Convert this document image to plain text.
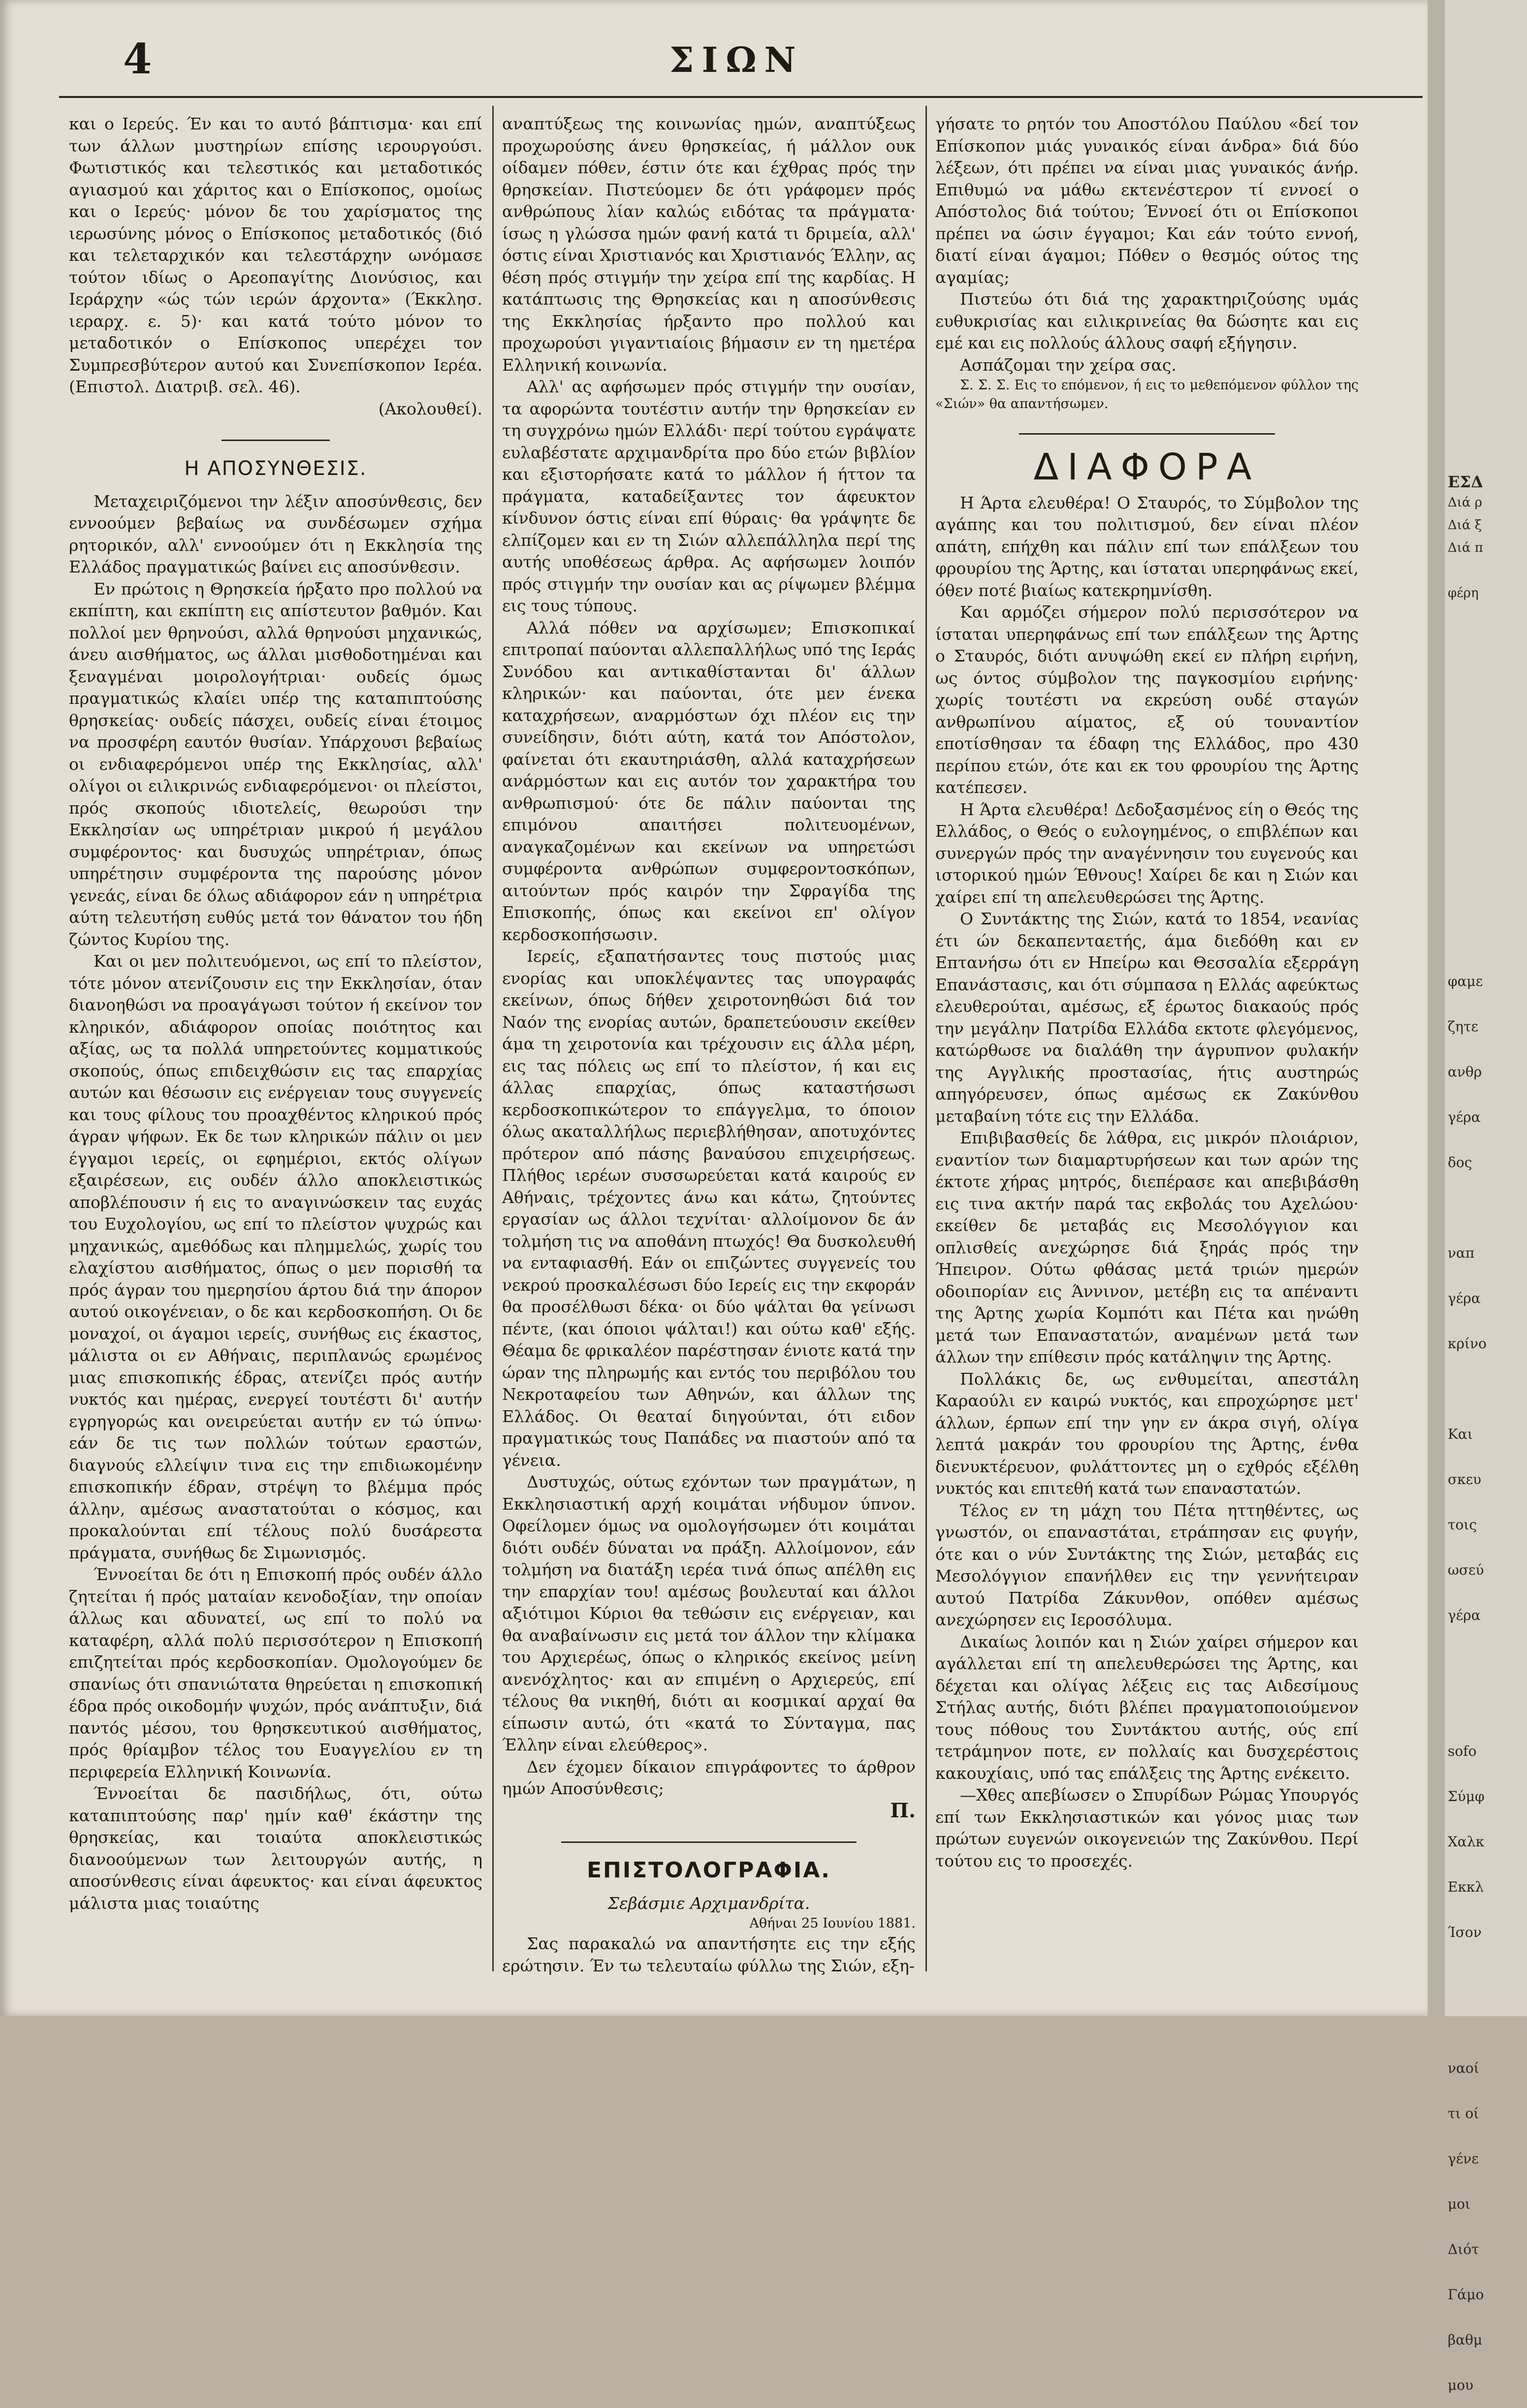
4	ΣΙΩΝ

και ο Ιερεύς. Έν και το αυτό βάπτισμα· και επί των άλλων μυστηρίων επίσης ιερουργούσι. Φωτιστικός και τελεστικός και μεταδοτικός αγιασμού και χάριτος και ο Επίσκοπος, ομοίως και ο Ιερεύς· μόνον δε του χαρίσματος της ιερωσύνης μόνος ο Επίσκοπος μεταδοτικός (διό και τελεταρχικόν και τελεστάρχην ωνόμασε τούτον ιδίως ο Αρεοπαγίτης Διονύσιος, και Ιεράρχην «ώς τών ιερών άρχοντα» (Έκκλησ. ιεραρχ. ε. 5)· και κατά τούτο μόνον το μεταδοτικόν ο Επίσκοπος υπερέχει τον Συμπρεσβύτερον αυτού και Συνεπίσκοπον Ιερέα. (Επιστολ. Διατριβ. σελ. 46).

(Ακολουθεί).

Η ΑΠΟΣΥΝΘΕΣΙΣ.

Μεταχειριζόμενοι την λέξιν αποσύνθεσις, δεν εννοούμεν βεβαίως να συνδέσωμεν σχήμα ρητορικόν, αλλ' εννοούμεν ότι η Εκκλησία της Ελλάδος πραγματικώς βαίνει εις αποσύνθεσιν.

Εν πρώτοις η Θρησκεία ήρξατο προ πολλού να εκπίπτη, και εκπίπτη εις απίστευτον βαθμόν. Και πολλοί μεν θρηνούσι, αλλά θρηνούσι μηχανικώς, άνευ αισθήματος, ως άλλαι μισθοδοτημέναι και ξεναγμέναι μοιρολογήτριαι· ουδείς όμως πραγματικώς κλαίει υπέρ της καταπιπτούσης θρησκείας· ουδείς πάσχει, ουδείς είναι έτοιμος να προσφέρη εαυτόν θυσίαν. Υπάρχουσι βεβαίως οι ενδιαφερόμενοι υπέρ της Εκκλησίας, αλλ' ολίγοι οι ειλικρινώς ενδιαφερόμενοι· οι πλείστοι, πρός σκοπούς ιδιοτελείς, θεωρούσι την Εκκλησίαν ως υπηρέτριαν μικρού ή μεγάλου συμφέροντος· και δυσυχώς υπηρέτριαν, όπως υπηρέτησιν συμφέροντα της παρούσης μόνον γενεάς, είναι δε όλως αδιάφορον εάν η υπηρέτρια αύτη τελευτήση ευθύς μετά τον θάνατον του ήδη ζώντος Κυρίου της.

Και οι μεν πολιτευόμενοι, ως επί το πλείστον, τότε μόνον ατενίζουσιν εις την Εκκλησίαν, όταν διανοηθώσι να προαγάγωσι τούτον ή εκείνον τον κληρικόν, αδιάφορον οποίας ποιότητος και αξίας, ως τα πολλά υπηρετούντες κομματικούς σκοπούς, όπως επιδειχθώσιν εις τας επαρχίας αυτών και θέσωσιν εις ενέργειαν τους συγγενείς και τους φίλους του προαχθέντος κληρικού πρός άγραν ψήφων. Εκ δε των κληρικών πάλιν οι μεν έγγαμοι ιερείς, οι εφημέριοι, εκτός ολίγων εξαιρέσεων, εις ουδέν άλλο αποκλειστικώς αποβλέπουσιν ή εις το αναγινώσκειν τας ευχάς του Ευχολογίου, ως επί το πλείστον ψυχρώς και μηχανικώς, αμεθόδως και πλημμελώς, χωρίς του ελαχίστου αισθήματος, όπως ο μεν πορισθή τα πρός άγραν του ημερησίου άρτου διά την άπορον αυτού οικογένειαν, ο δε και κερδοσκοπήση. Οι δε μοναχοί, οι άγαμοι ιερείς, συνήθως εις έκαστος, μάλιστα οι εν Αθήναις, περιπλανώς ερωμένος μιας επισκοπικής έδρας, ατενίζει πρός αυτήν νυκτός και ημέρας, ενεργεί τουτέστι δι' αυτήν εγρηγορώς και ονειρεύεται αυτήν εν τώ ύπνω· εάν δε τις των πολλών τούτων εραστών, διαγνούς ελλείψιν τινα εις την επιδιωκομένην επισκοπικήν έδραν, στρέψη το βλέμμα πρός άλλην, αμέσως αναστατούται ο κόσμος, και προκαλούνται επί τέλους πολύ δυσάρεστα πράγματα, συνήθως δε Σιμωνισμός.

Έννοείται δε ότι η Επισκοπή πρός ουδέν άλλο ζητείται ή πρός ματαίαν κενοδοξίαν, την οποίαν άλλως και αδυνατεί, ως επί το πολύ να καταφέρη, αλλά πολύ περισσότερον η Επισκοπή επιζητείται πρός κερδοσκοπίαν. Ομολογούμεν δε σπανίως ότι σπανιώτατα θηρεύεται η επισκοπική έδρα πρός οικοδομήν ψυχών, πρός ανάπτυξιν, διά παντός μέσου, του θρησκευτικού αισθήματος, πρός θρίαμβον τέλος του Ευαγγελίου εν τη περιφερεία Ελληνική Κοινωνία.

Έννοείται δε πασιδήλως, ότι, ούτω καταπιπτούσης παρ' ημίν καθ' έκάστην της θρησκείας, και τοιαύτα αποκλειστικώς διανοούμενων των λειτουργών αυτής, η αποσύνθεσις είναι άφευκτος· και είναι άφευκτος μάλιστα μιας τοιαύτης

αναπτύξεως της κοινωνίας ημών, αναπτύξεως προχωρούσης άνευ θρησκείας, ή μάλλον ουκ οίδαμεν πόθεν, έστιν ότε και έχθρας πρός την θρησκείαν. Πιστεύομεν δε ότι γράφομεν πρός ανθρώπους λίαν καλώς ειδότας τα πράγματα· ίσως η γλώσσα ημών φανή κατά τι δριμεία, αλλ' όστις είναι Χριστιανός και Χριστιανός Έλλην, ας θέση πρός στιγμήν την χείρα επί της καρδίας. Η κατάπτωσις της Θρησκείας και η αποσύνθεσις της Εκκλησίας ήρξαντο προ πολλού και προχωρούσι γιγαντιαίοις βήμασιν εν τη ημετέρα Ελληνική κοινωνία.

Αλλ' ας αφήσωμεν πρός στιγμήν την ουσίαν, τα αφορώντα τουτέστιν αυτήν την θρησκείαν εν τη συγχρόνω ημών Ελλάδι· περί τούτου εγράψατε ευλαβέστατε αρχιμανδρίτα προ δύο ετών βιβλίον και εξιστορήσατε κατά το μάλλον ή ήττον τα πράγματα, καταδείξαντες τον άφευκτον κίνδυνον όστις είναι επί θύραις· θα γράψητε δε ελπίζομεν και εν τη Σιών αλλεπάλληλα περί της αυτής υποθέσεως άρθρα. Ας αφήσωμεν λοιπόν πρός στιγμήν την ουσίαν και ας ρίψωμεν βλέμμα εις τους τύπους.

Αλλά πόθεν να αρχίσωμεν; Επισκοπικαί επιτροπαί παύονται αλλεπαλλήλως υπό της Ιεράς Συνόδου και αντικαθίστανται δι' άλλων κληρικών· και παύονται, ότε μεν ένεκα καταχρήσεων, αναρμόστων όχι πλέον εις την συνείδησιν, διότι αύτη, κατά τον Απόστολον, φαίνεται ότι εκαυτηριάσθη, αλλά καταχρήσεων ανάρμόστων και εις αυτόν τον χαρακτήρα του ανθρωπισμού· ότε δε πάλιν παύονται της επιμόνου απαιτήσει πολιτευομένων, αναγκαζομένων και εκείνων να υπηρετώσι συμφέροντα ανθρώπων συμφεροντοσκόπων, αιτούντων πρός καιρόν την Σφραγίδα της Επισκοπής, όπως και εκείνοι επ' ολίγον κερδοσκοπήσωσιν.

Ιερείς, εξαπατήσαντες τους πιστούς μιας ενορίας και υποκλέψαντες τας υπογραφάς εκείνων, όπως δήθεν χειροτονηθώσι διά τον Ναόν της ενορίας αυτών, δραπετεύουσιν εκείθεν άμα τη χειροτονία και τρέχουσιν εις άλλα μέρη, εις τας πόλεις ως επί το πλείστον, ή και εις άλλας επαρχίας, όπως καταστήσωσι κερδοσκοπικώτερον το επάγγελμα, το όποιον όλως ακαταλλήλως περιεβλήθησαν, αποτυχόντες πρότερον από πάσης βαναύσου επιχειρήσεως. Πλήθος ιερέων συσσωρεύεται κατά καιρούς εν Αθήναις, τρέχοντες άνω και κάτω, ζητούντες εργασίαν ως άλλοι τεχνίται· αλλοίμονον δε άν τολμήση τις να αποθάνη πτωχός! Θα δυσκολευθή να ενταφιασθή. Εάν οι επιζώντες συγγενείς του νεκρού προσκαλέσωσι δύο Ιερείς εις την εκφοράν θα προσέλθωσι δέκα· οι δύο ψάλται θα γείνωσι πέντε, (και όποιοι ψάλται!) και ούτω καθ' εξής. Θέαμα δε φρικαλέον παρέστησαν ένιοτε κατά την ώραν της πληρωμής και εντός του περιβόλου του Νεκροταφείου των Αθηνών, και άλλων της Ελλάδος. Οι θεαταί διηγούνται, ότι ειδον πραγματικώς τους Παπάδες να πιαστούν από τα γένεια.

Δυστυχώς, ούτως εχόντων των πραγμάτων, η Εκκλησιαστική αρχή κοιμάται νήδυμον ύπνον. Οφείλομεν όμως να ομολογήσωμεν ότι κοιμάται διότι ουδέν δύναται να πράξη. Αλλοίμονον, εάν τολμήση να διατάξη ιερέα τινά όπως απέλθη εις την επαρχίαν του! αμέσως βουλευταί και άλλοι αξιότιμοι Κύριοι θα τεθώσιν εις ενέργειαν, και θα αναβαίνωσιν εις μετά τον άλλον την κλίμακα του Αρχιερέως, όπως ο κληρικός εκείνος μείνη ανενόχλητος· και αν επιμένη ο Αρχιερεύς, επί τέλους θα νικηθή, διότι αι κοσμικαί αρχαί θα είπωσιν αυτώ, ότι «κατά το Σύνταγμα, πας Έλλην είναι ελεύθερος».

Δεν έχομεν δίκαιον επιγράφοντες το άρθρον ημών Αποσύνθεσις;

Π.

ΕΠΙΣΤΟΛΟΓΡΑΦΙΑ.

Σεβάσμιε Αρχιμανδρίτα.

Αθήναι 25 Ιουνίου 1881.

Σας παρακαλώ να απαντήσητε εις την εξής ερώτησιν. Έν τω τελευταίω φύλλω της Σιών, εξη-

γήσατε το ρητόν του Αποστόλου Παύλου «δεί τον Επίσκοπον μιάς γυναικός είναι άνδρα» διά δύο λέξεων, ότι πρέπει να είναι μιας γυναικός άνήρ. Επιθυμώ να μάθω εκτενέστερον τί εννοεί ο Απόστολος διά τούτου; Έννοεί ότι οι Επίσκοποι πρέπει να ώσιν έγγαμοι; Και εάν τούτο εννοή, διατί είναι άγαμοι; Πόθεν ο θεσμός ούτος της αγαμίας;

Πιστεύω ότι διά της χαρακτηριζούσης υμάς ευθυκρισίας και ειλικρινείας θα δώσητε και εις εμέ και εις πολλούς άλλους σαφή εξήγησιν.

Ασπάζομαι την χείρα σας.

Σ. Σ. Σ. Εις το επόμενον, ή εις το μεθεπόμενον φύλλον της «Σιών» θα απαντήσωμεν.

ΔΙΑΦΟΡΑ

Η Άρτα ελευθέρα! Ο Σταυρός, το Σύμβολον της αγάπης και του πολιτισμού, δεν είναι πλέον απάτη, επήχθη και πάλιν επί των επάλξεων του φρουρίου της Άρτης, και ίσταται υπερηφάνως εκεί, όθεν ποτέ βιαίως κατεκρημνίσθη.

Και αρμόζει σήμερον πολύ περισσότερον να ίσταται υπερηφάνως επί των επάλξεων της Άρτης ο Σταυρός, διότι ανυψώθη εκεί εν πλήρη ειρήνη, ως όντος σύμβολον της παγκοσμίου ειρήνης· χωρίς τουτέστι να εκρεύση ουδέ σταγών ανθρωπίνου αίματος, εξ ού τουναντίον εποτίσθησαν τα έδαφη της Ελλάδος, προ 430 περίπου ετών, ότε και εκ του φρουρίου της Άρτης κατέπεσεν.

Η Άρτα ελευθέρα! Δεδοξασμένος είη ο Θεός της Ελλάδος, ο Θεός ο ευλογημένος, ο επιβλέπων και συνεργών πρός την αναγέννησιν του ευγενούς και ιστορικού ημών Έθνους! Χαίρει δε και η Σιών και χαίρει επί τη απελευθερώσει της Άρτης.

Ο Συντάκτης της Σιών, κατά το 1854, νεανίας έτι ών δεκαπενταετής, άμα διεδόθη και εν Επτανήσω ότι εν Ηπείρω και Θεσσαλία εξερράγη Επανάστασις, και ότι σύμπασα η Ελλάς αφεύκτως ελευθερούται, αμέσως, εξ έρωτος διακαούς πρός την μεγάλην Πατρίδα Ελλάδα εκτοτε φλεγόμενος, κατώρθωσε να διαλάθη την άγρυπνον φυλακήν της Αγγλικής προστασίας, ήτις αυστηρώς απηγόρευσεν, όπως αμέσως εκ Ζακύνθου μεταβαίνη τότε εις την Ελλάδα.

Επιβιβασθείς δε λάθρα, εις μικρόν πλοιάριον, εναντίον των διαμαρτυρήσεων και των αρών της έκτοτε χήρας μητρός, διεπέρασε και απεβιβάσθη εις τινα ακτήν παρά τας εκβολάς του Αχελώου· εκείθεν δε μεταβάς εις Μεσολόγγιον και οπλισθείς ανεχώρησε διά ξηράς πρός την Ήπειρον. Ούτω φθάσας μετά τριών ημερών οδοιπορίαν εις Άννινον, μετέβη εις τα απέναντι της Άρτης χωρία Κομπότι και Πέτα και ηνώθη μετά των Επαναστατών, αναμένων μετά των άλλων την επίθεσιν πρός κατάληψιν της Άρτης.

Πολλάκις δε, ως ενθυμείται, απεστάλη Καραούλι εν καιρώ νυκτός, και επροχώρησε μετ' άλλων, έρπων επί την γην εν άκρα σιγή, ολίγα λεπτά μακράν του φρουρίου της Άρτης, ένθα διενυκτέρευον, φυλάττοντες μη ο εχθρός εξέλθη νυκτός και επιτεθή κατά των επαναστατών.

Τέλος εν τη μάχη του Πέτα ηττηθέντες, ως γνωστόν, οι επαναστάται, ετράπησαν εις φυγήν, ότε και ο νύν Συντάκτης της Σιών, μεταβάς εις Μεσολόγγιον επανήλθεν εις την γεννήτειραν αυτού Πατρίδα Ζάκυνθον, οπόθεν αμέσως ανεχώρησεν εις Ιεροσόλυμα.

Δικαίως λοιπόν και η Σιών χαίρει σήμερον και αγάλλεται επί τη απελευθερώσει της Άρτης, και δέχεται και ολίγας λέξεις εις τας Αιδεσίμους Στήλας αυτής, διότι βλέπει πραγματοποιούμενον τους πόθους του Συντάκτου αυτής, ούς επί τετράμηνον ποτε, εν πολλαίς και δυσχερέστοις κακουχίαις, υπό τας επάλξεις της Άρτης ενέκειτο.

—Χθες απεβίωσεν ο Σπυρίδων Ρώμας Υπουργός επί των Εκκλησιαστικών και γόνος μιας των πρώτων ευγενών οικογενειών της Ζακύνθου. Περί τούτου εις το προσεχές.

ΕΣΔ
Διά ρ
Διά ξ
Διά π

φέρη
φαμε
ζητε
ανθρ
γέρα
δος

ναπ
γέρα
κρίνο

Και
σκευ
τοις
ωσεύ
γέρα

sofo
Σύμφ
Χαλκ
Εκκλ
Ίσον

ναοί
τι οί
γένε
μοι
Διότ
Γάμο
βαθμ
μου
